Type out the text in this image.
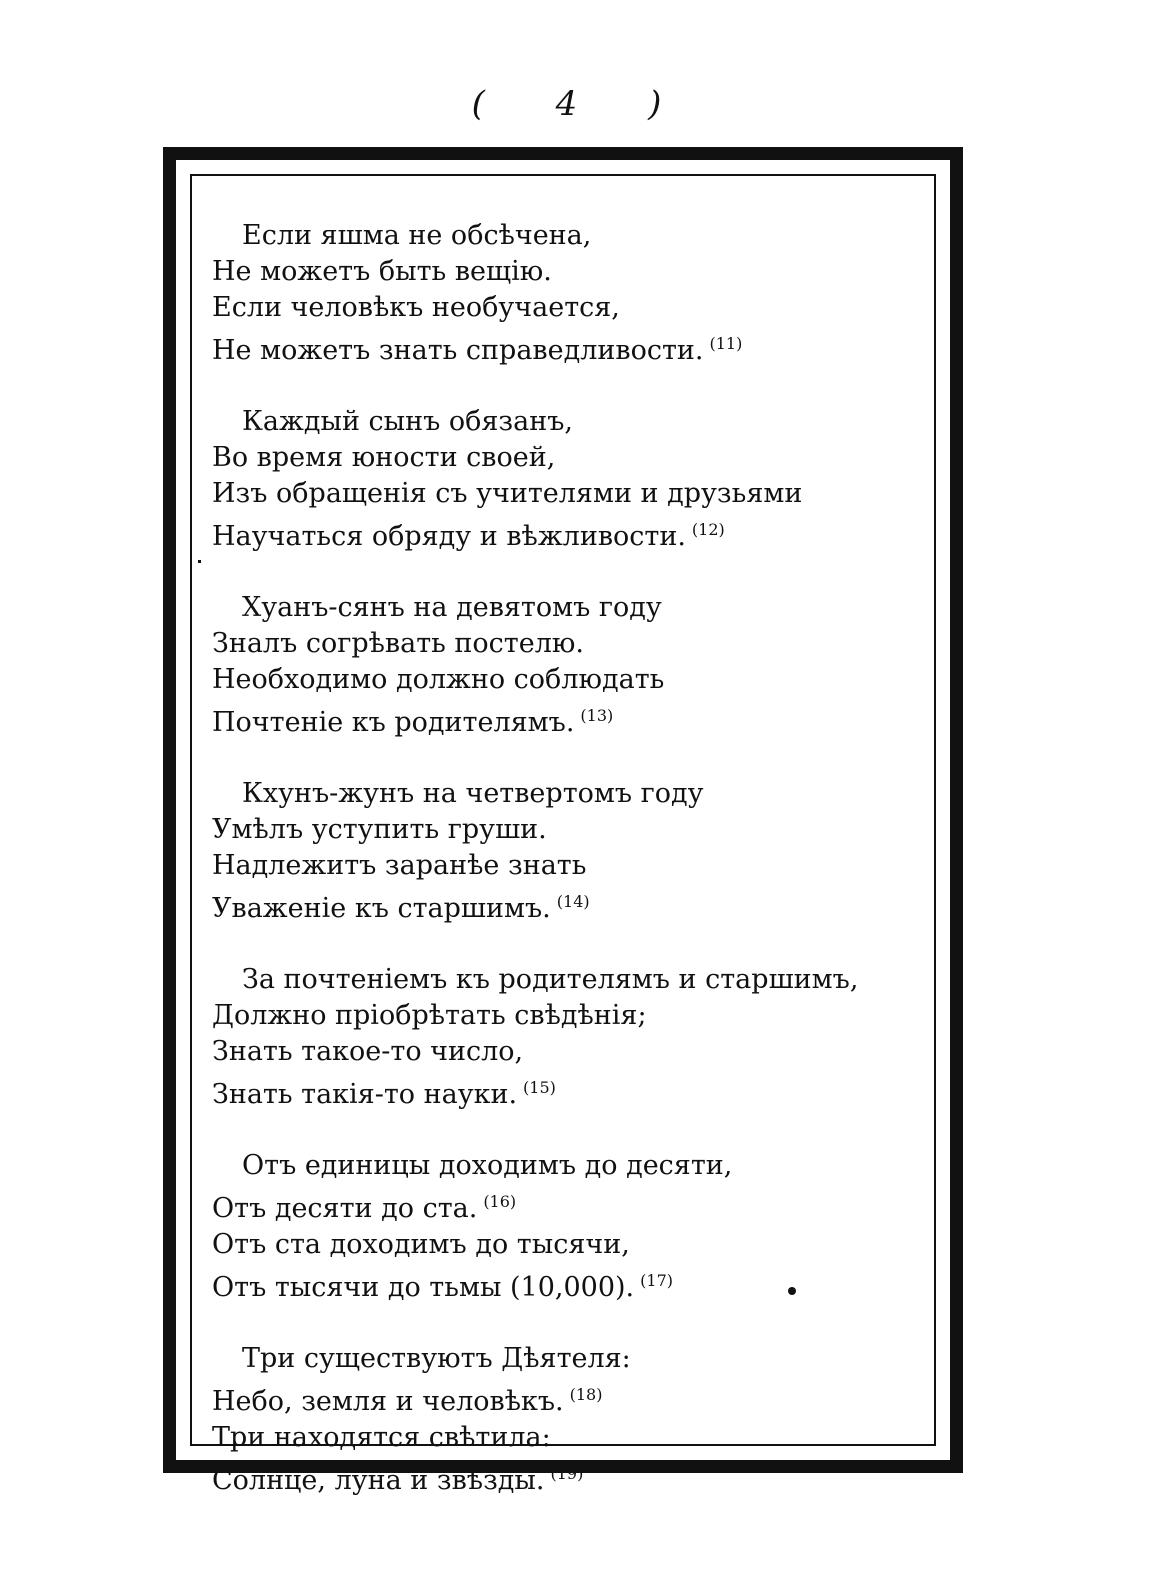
( 4 )
Если яшма не обсѣчена,
Не можетъ быть вещію.
Если человѣкъ необучается,
Не можетъ знать справедливости. $^{(11)}$
Каждый сынъ обязанъ,
Во время юности своей,
Изъ обращенія съ учителями и друзьями
Научаться обряду и вѣжливости. $^{(12)}$
Хуанъ-сянъ на девятомъ году
Зналъ согрѣвать постелю.
Необходимо должно соблюдать
Почтеніе къ родителямъ. $^{(13)}$
Кхунъ-жунъ на четвертомъ году
Умѣлъ уступить груши.
Надлежитъ заранѣе знать
Уваженіе къ старшимъ. $^{(14)}$
За почтеніемъ къ родителямъ и старшимъ,
Должно пріобрѣтать свѣдѣнія;
Знать такое-то число,
Знать такія-то науки. $^{(15)}$
Отъ единицы доходимъ до десяти,
Отъ десяти до ста. $^{(16)}$
Отъ ста доходимъ до тысячи,
Отъ тысячи до тьмы (10,000). $^{(17)}$
Три существуютъ Дѣятеля:
Небо, земля и человѣкъ. $^{(18)}$
Три находятся свѣтила:
Солнце, луна и звѣзды. $^{(19)}$
